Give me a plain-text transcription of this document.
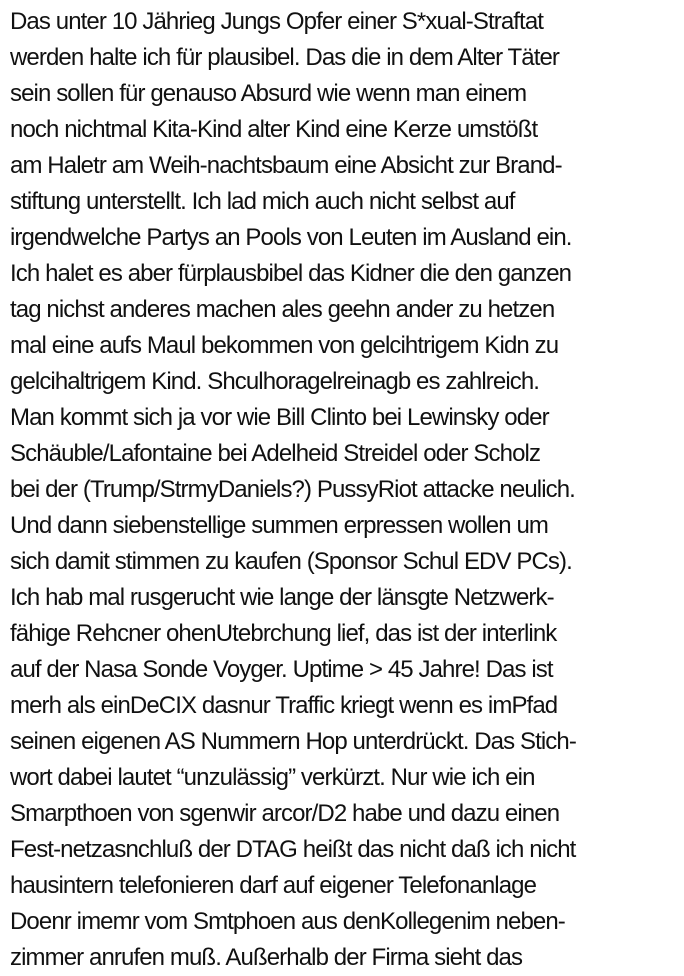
Das unter 10 Jährieg Jungs Opfer einer S*xual-Straftat
werden halte ich für plausibel. Das die in dem Alter Täter
sein sollen für genauso Absurd wie wenn man einem
noch nichtmal Kita-Kind alter Kind eine Kerze umstößt
am Haletr am Weih-nachtsbaum eine Absicht zur Brand-
stiftung unterstellt. Ich lad mich auch nicht selbst auf
irgendwelche Partys an Pools von Leuten im Ausland ein.
Ich halet es aber fürplausbibel das Kidner die den ganzen
tag nichst anderes machen ales geehn ander zu hetzen
mal eine aufs Maul bekommen von gelcihtrigem Kidn zu
gelcihaltrigem Kind. Shculhoragelreinagb es zahlreich.
Man kommt sich ja vor wie Bill Clinto bei Lewinsky oder
Schäuble/Lafontaine bei Adelheid Streidel oder Scholz
bei der (Trump/StrmyDaniels?) PussyRiot attacke neulich.
Und dann siebenstellige summen erpressen wollen um
sich damit stimmen zu kaufen (Sponsor Schul EDV PCs).
Ich hab mal rusgerucht wie lange der länsgte Netzwerk-
fähige Rehcner ohenUtebrchung lief, das ist der interlink
auf der Nasa Sonde Voyger. Uptime > 45 Jahre! Das ist
merh als einDeCIX dasnur Traffic kriegt wenn es imPfad
seinen eigenen AS Nummern Hop unterdrückt. Das Stich-
wort dabei lautet “unzulässig” verkürzt. Nur wie ich ein
Smarpthoen von sgenwir arcor/D2 habe und dazu einen
Fest-netzasnchluß der DTAG heißt das nicht daß ich nicht
hausintern telefonieren darf auf eigener Telefonanlage
Doenr imemr vom Smtphoen aus denKollegenim neben-
zimmer anrufen muß. Außerhalb der Firma sieht das
